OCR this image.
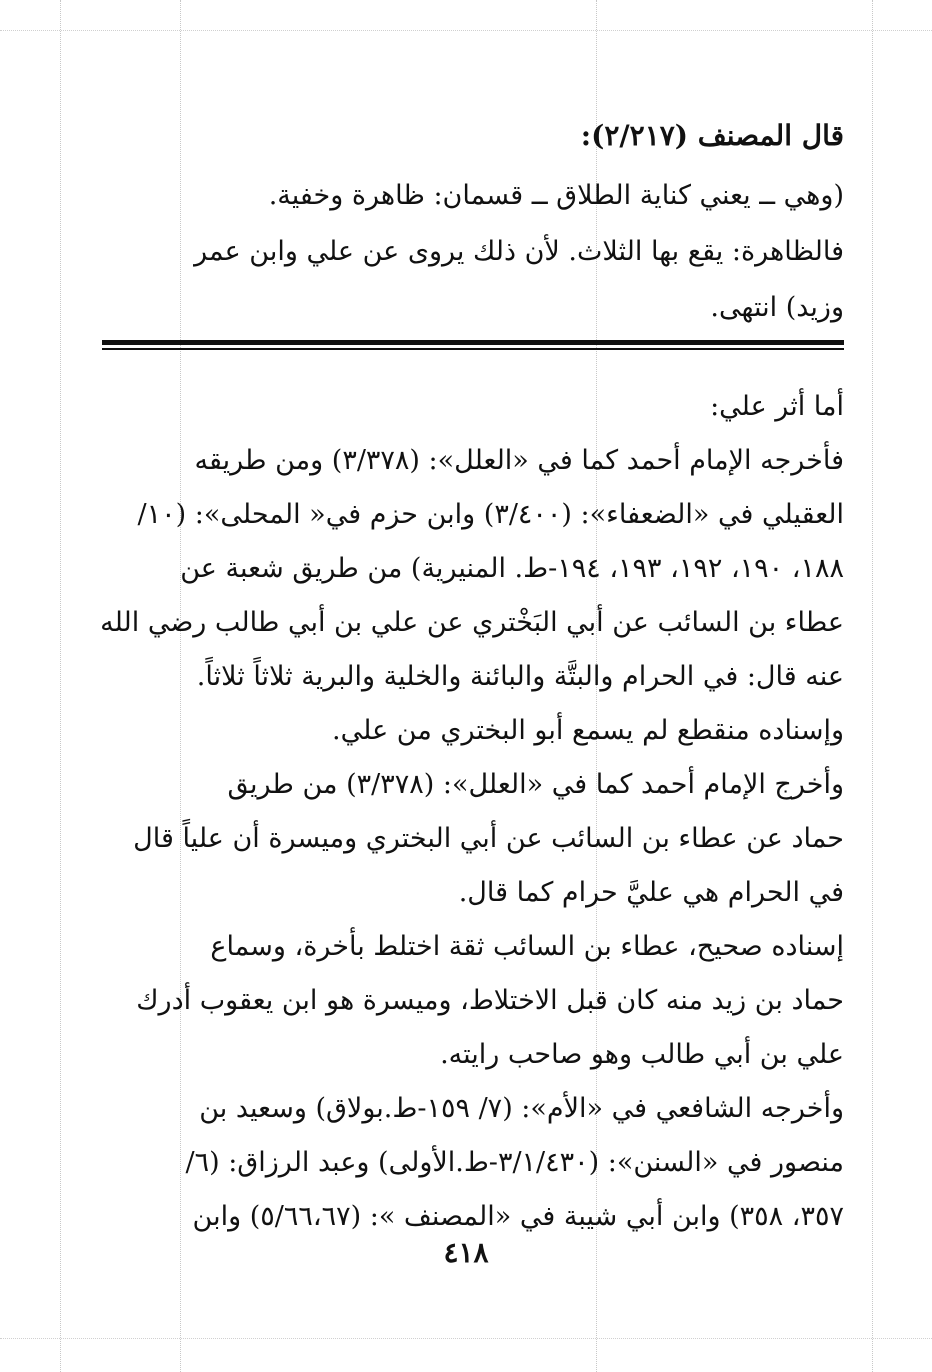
قال المصنف (٢/٢١٧):
(وهي ــ يعني كناية الطلاق ــ قسمان: ظاهرة وخفية.
فالظاهرة: يقع بها الثلاث. لأن ذلك يروى عن علي وابن عمر
وزيد) انتهى.
أما أثر علي:
فأخرجه الإمام أحمد كما في «العلل»: (٣/٣٧٨) ومن طريقه
العقيلي في «الضعفاء»: (٣/٤٠٠) وابن حزم في« المحلى»: (١٠/
١٨٨، ١٩٠، ١٩٢، ١٩٣، ١٩٤-ط. المنيرية) من طريق شعبة عن
عطاء بن السائب عن أبي البَخْتري عن علي بن أبي طالب رضي الله
عنه قال: في الحرام والبتَّة والبائنة والخلية والبرية ثلاثاً ثلاثاً.
وإسناده منقطع لم يسمع أبو البختري من علي.
وأخرج الإمام أحمد كما في «العلل»: (٣/٣٧٨) من طريق
حماد عن عطاء بن السائب عن أبي البختري وميسرة أن علياً قال
في الحرام هي عليَّ حرام كما قال.
إسناده صحيح، عطاء بن السائب ثقة اختلط بأخرة، وسماع
حماد بن زيد منه كان قبل الاختلاط، وميسرة هو ابن يعقوب أدرك
علي بن أبي طالب وهو صاحب رايته.
وأخرجه الشافعي في «الأم»: (٧/ ١٥٩-ط.بولاق) وسعيد بن
منصور في «السنن»: (٣/١/٤٣٠-ط.الأولى) وعبد الرزاق: (٦/
٣٥٧، ٣٥٨) وابن أبي شيبة في «المصنف »: (٥/٦٦،٦٧) وابن
٤١٨
